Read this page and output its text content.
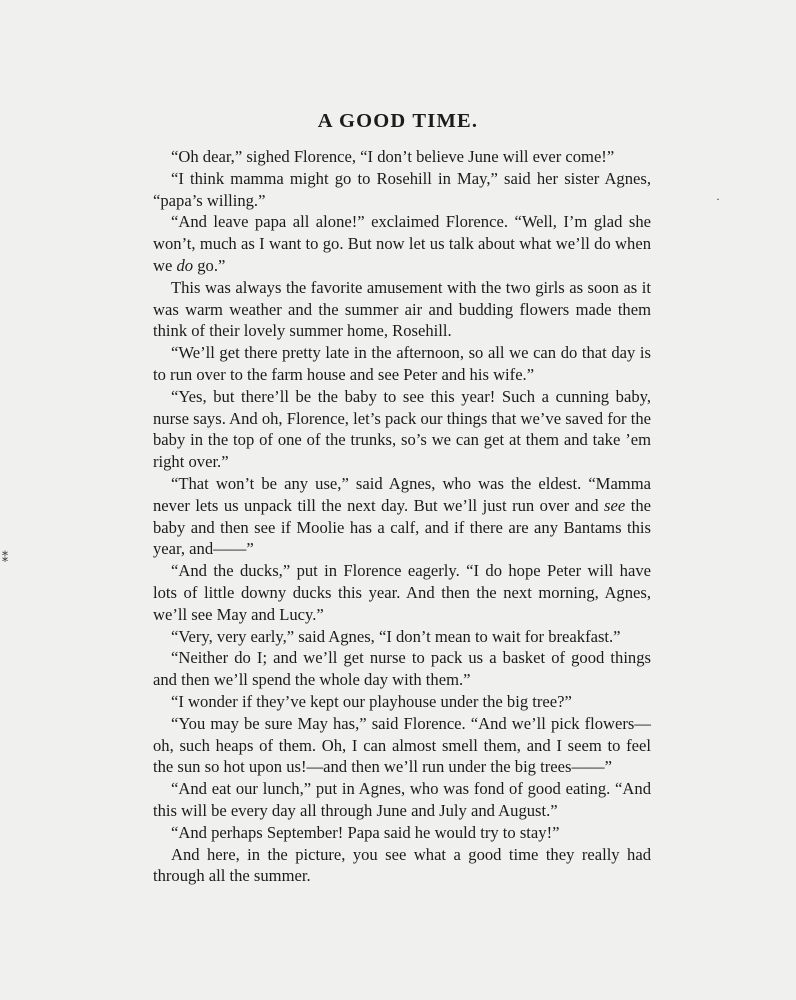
A GOOD TIME.

“Oh dear,” sighed Florence, “I don’t believe June will ever come!”

“I think mamma might go to Rosehill in May,” said her sister Agnes, “papa’s willing.”

“And leave papa all alone!” exclaimed Florence. “Well, I’m glad she won’t, much as I want to go. But now let us talk about what we’ll do when we do go.”

This was always the favorite amusement with the two girls as soon as it was warm weather and the summer air and budding flowers made them think of their lovely summer home, Rosehill.

“We’ll get there pretty late in the afternoon, so all we can do that day is to run over to the farm house and see Peter and his wife.”

“Yes, but there’ll be the baby to see this year! Such a cunning baby, nurse says. And oh, Florence, let’s pack our things that we’ve saved for the baby in the top of one of the trunks, so’s we can get at them and take ’em right over.”

“That won’t be any use,” said Agnes, who was the eldest. “Mamma never lets us unpack till the next day. But we’ll just run over and see the baby and then see if Moolie has a calf, and if there are any Bantams this year, and——”

“And the ducks,” put in Florence eagerly. “I do hope Peter will have lots of little downy ducks this year. And then the next morning, Agnes, we’ll see May and Lucy.”

“Very, very early,” said Agnes, “I don’t mean to wait for breakfast.”

“Neither do I; and we’ll get nurse to pack us a basket of good things and then we’ll spend the whole day with them.”

“I wonder if they’ve kept our playhouse under the big tree?”

“You may be sure May has,” said Florence. “And we’ll pick flowers—oh, such heaps of them. Oh, I can almost smell them, and I seem to feel the sun so hot upon us!—and then we’ll run under the big trees——”

“And eat our lunch,” put in Agnes, who was fond of good eating. “And this will be every day all through June and July and August.”

“And perhaps September! Papa said he would try to stay!”

And here, in the picture, you see what a good time they really had through all the summer.

⁑
·
